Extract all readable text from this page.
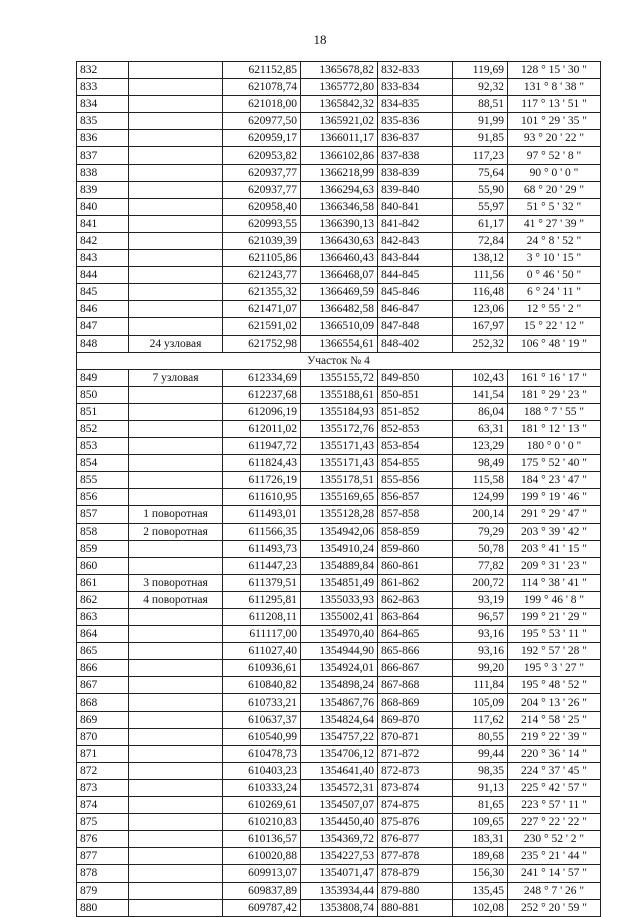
18
832		621152,85	1365678,82	832-833	119,69	128 ° 15 ' 30 "
833		621078,74	1365772,80	833-834	92,32	131 ° 8 ' 38 "
834		621018,00	1365842,32	834-835	88,51	117 ° 13 ' 51 "
835		620977,50	1365921,02	835-836	91,99	101 ° 29 ' 35 "
836		620959,17	1366011,17	836-837	91,85	93 ° 20 ' 22 "
837		620953,82	1366102,86	837-838	117,23	97 ° 52 ' 8 "
838		620937,77	1366218,99	838-839	75,64	90 ° 0 ' 0 "
839		620937,77	1366294,63	839-840	55,90	68 ° 20 ' 29 "
840		620958,40	1366346,58	840-841	55,97	51 ° 5 ' 32 "
841		620993,55	1366390,13	841-842	61,17	41 ° 27 ' 39 "
842		621039,39	1366430,63	842-843	72,84	24 ° 8 ' 52 "
843		621105,86	1366460,43	843-844	138,12	3 ° 10 ' 15 "
844		621243,77	1366468,07	844-845	111,56	0 ° 46 ' 50 "
845		621355,32	1366469,59	845-846	116,48	6 ° 24 ' 11 "
846		621471,07	1366482,58	846-847	123,06	12 ° 55 ' 2 "
847		621591,02	1366510,09	847-848	167,97	15 ° 22 ' 12 "
848	24 узловая	621752,98	1366554,61	848-402	252,32	106 ° 48 ' 19 "
Участок № 4						
849	7 узловая	612334,69	1355155,72	849-850	102,43	161 ° 16 ' 17 "
850		612237,68	1355188,61	850-851	141,54	181 ° 29 ' 23 "
851		612096,19	1355184,93	851-852	86,04	188 ° 7 ' 55 "
852		612011,02	1355172,76	852-853	63,31	181 ° 12 ' 13 "
853		611947,72	1355171,43	853-854	123,29	180 ° 0 ' 0 "
854		611824,43	1355171,43	854-855	98,49	175 ° 52 ' 40 "
855		611726,19	1355178,51	855-856	115,58	184 ° 23 ' 47 "
856		611610,95	1355169,65	856-857	124,99	199 ° 19 ' 46 "
857	1 поворотная	611493,01	1355128,28	857-858	200,14	291 ° 29 ' 47 "
858	2 поворотная	611566,35	1354942,06	858-859	79,29	203 ° 39 ' 42 "
859		611493,73	1354910,24	859-860	50,78	203 ° 41 ' 15 "
860		611447,23	1354889,84	860-861	77,82	209 ° 31 ' 23 "
861	3 поворотная	611379,51	1354851,49	861-862	200,72	114 ° 38 ' 41 "
862	4 поворотная	611295,81	1355033,93	862-863	93,19	199 ° 46 ' 8 "
863		611208,11	1355002,41	863-864	96,57	199 ° 21 ' 29 "
864		611117,00	1354970,40	864-865	93,16	195 ° 53 ' 11 "
865		611027,40	1354944,90	865-866	93,16	192 ° 57 ' 28 "
866		610936,61	1354924,01	866-867	99,20	195 ° 3 ' 27 "
867		610840,82	1354898,24	867-868	111,84	195 ° 48 ' 52 "
868		610733,21	1354867,76	868-869	105,09	204 ° 13 ' 26 "
869		610637,37	1354824,64	869-870	117,62	214 ° 58 ' 25 "
870		610540,99	1354757,22	870-871	80,55	219 ° 22 ' 39 "
871		610478,73	1354706,12	871-872	99,44	220 ° 36 ' 14 "
872		610403,23	1354641,40	872-873	98,35	224 ° 37 ' 45 "
873		610333,24	1354572,31	873-874	91,13	225 ° 42 ' 57 "
874		610269,61	1354507,07	874-875	81,65	223 ° 57 ' 11 "
875		610210,83	1354450,40	875-876	109,65	227 ° 22 ' 22 "
876		610136,57	1354369,72	876-877	183,31	230 ° 52 ' 2 "
877		610020,88	1354227,53	877-878	189,68	235 ° 21 ' 44 "
878		609913,07	1354071,47	878-879	156,30	241 ° 14 ' 57 "
879		609837,89	1353934,44	879-880	135,45	248 ° 7 ' 26 "
880		609787,42	1353808,74	880-881	102,08	252 ° 20 ' 59 "
